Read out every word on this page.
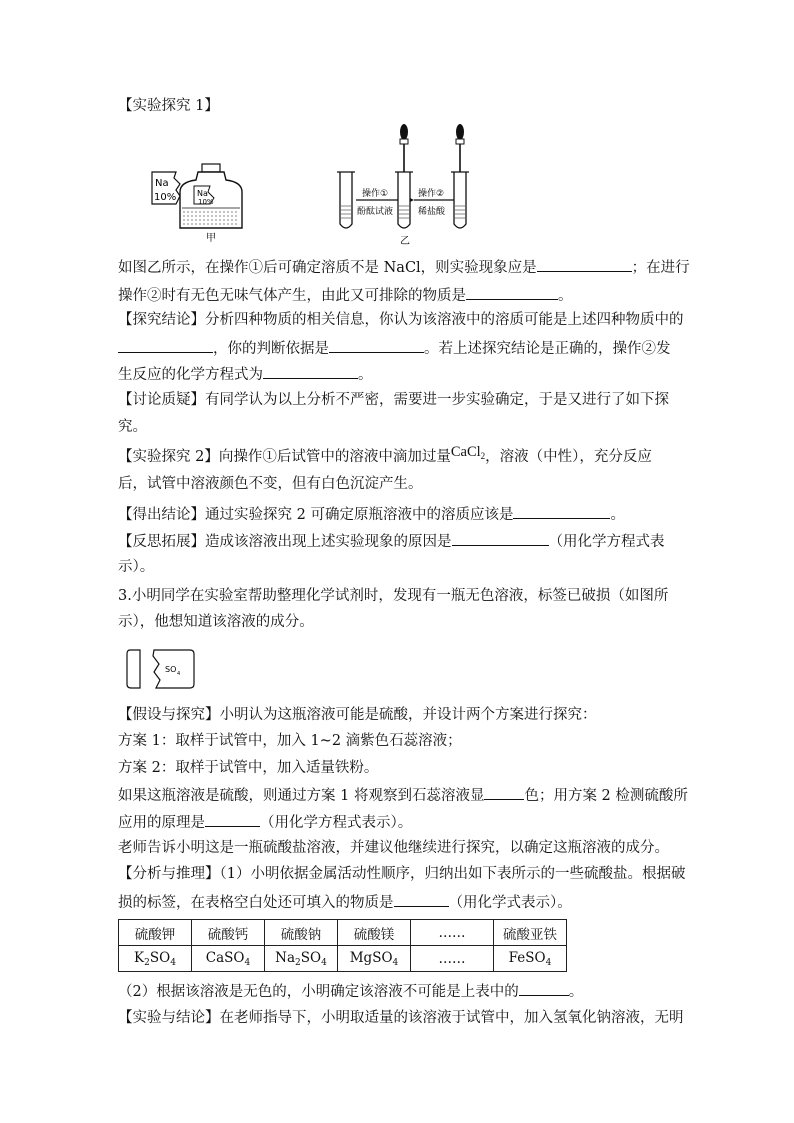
【实验探究 1】
Na
10%	Na
10%
甲
操作①
酚酞试液
操作②
稀盐酸
乙
如图乙所示，在操作①后可确定溶质不是 NaCl，则实验现象应是	；在进行
操作②时有无色无味气体产生，由此又可排除的物质是	。
【探究结论】分析四种物质的相关信息，你认为该溶液中的溶质可能是上述四种物质中的
，你的判断依据是	。若上述探究结论是正确的，操作②发
生反应的化学方程式为	。
【讨论质疑】有同学认为以上分析不严密，需要进一步实验确定，于是又进行了如下探
究。
【实验探究 2】向操作①后试管中的溶液中滴加过量CaCl$_2$，溶液（中性），充分反应
后，试管中溶液颜色不变，但有白色沉淀产生。
【得出结论】通过实验探究 2 可确定原瓶溶液中的溶质应该是	。
【反思拓展】造成该溶液出现上述实验现象的原因是	（用化学方程式表
示）。
3.小明同学在实验室帮助整理化学试剂时，发现有一瓶无色溶液，标签已破损（如图所
示），他想知道该溶液的成分。
SO 4
【假设与探究】小明认为这瓶溶液可能是硫酸，并设计两个方案进行探究：
方案 1：取样于试管中，加入 1~2 滴紫色石蕊溶液；
方案 2：取样于试管中，加入适量铁粉。
如果这瓶溶液是硫酸，则通过方案 1 将观察到石蕊溶液显	色；用方案 2 检测硫酸所
应用的原理是	（用化学方程式表示）。
老师告诉小明这是一瓶硫酸盐溶液，并建议他继续进行探究，以确定这瓶溶液的成分。
【分析与推理】（1）小明依据金属活动性顺序，归纳出如下表所示的一些硫酸盐。根据破
损的标签，在表格空白处还可填入的物质是	（用化学式表示）。
硫酸钾	硫酸钙	硫酸钠	硫酸镁	……	硫酸亚铁
$K_2SO_4$	CaSO$_4$	$Na_2SO_4$	MgSO$_4$	……	FeSO$_4$
（2）根据该溶液是无色的，小明确定该溶液不可能是上表中的	。
【实验与结论】在老师指导下，小明取适量的该溶液于试管中，加入氢氧化钠溶液，无明
